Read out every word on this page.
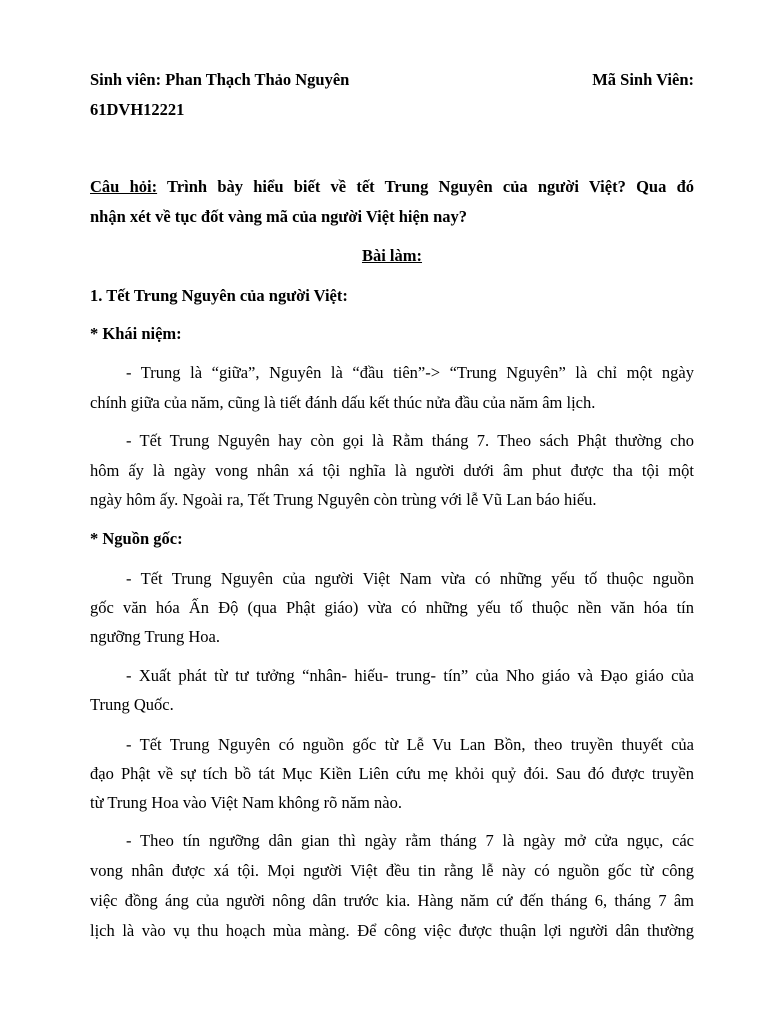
Sinh viên: Phan Thạch Thảo Nguyên	Mã Sinh Viên:
61DVH12221
Câu hỏi: Trình bày hiểu biết về tết Trung Nguyên của người Việt? Qua đó
nhận xét về tục đốt vàng mã của người Việt hiện nay?
Bài làm:
1. Tết Trung Nguyên của người Việt:
* Khái niệm:
- Trung là “giữa”, Nguyên là “đầu tiên”-> “Trung Nguyên” là chỉ một ngày
chính giữa của năm, cũng là tiết đánh dấu kết thúc nửa đầu của năm âm lịch.
- Tết Trung Nguyên hay còn gọi là Rằm tháng 7. Theo sách Phật thường cho
hôm ấy là ngày vong nhân xá tội nghĩa là người dưới âm phut được tha tội một
ngày hôm ấy. Ngoài ra, Tết Trung Nguyên còn trùng với lễ Vũ Lan báo hiếu.
* Nguồn gốc:
- Tết Trung Nguyên của người Việt Nam vừa có những yếu tố thuộc nguồn
gốc văn hóa Ấn Độ (qua Phật giáo) vừa có những yếu tố thuộc nền văn hóa tín
ngưỡng Trung Hoa.
- Xuất phát từ tư tưởng “nhân- hiếu- trung- tín” của Nho giáo và Đạo giáo của
Trung Quốc.
- Tết Trung Nguyên có nguồn gốc từ Lễ Vu Lan Bồn, theo truyền thuyết của
đạo Phật về sự tích bồ tát Mục Kiền Liên cứu mẹ khỏi quỷ đói. Sau đó được truyền
từ Trung Hoa vào Việt Nam không rõ năm nào.
- Theo tín ngưỡng dân gian thì ngày rằm tháng 7 là ngày mở cửa ngục, các
vong nhân được xá tội. Mọi người Việt đều tin rằng lễ này có nguồn gốc từ công
việc đồng áng của người nông dân trước kia. Hàng năm cứ đến tháng 6, tháng 7 âm
lịch là vào vụ thu hoạch mùa màng. Để công việc được thuận lợi người dân thường
